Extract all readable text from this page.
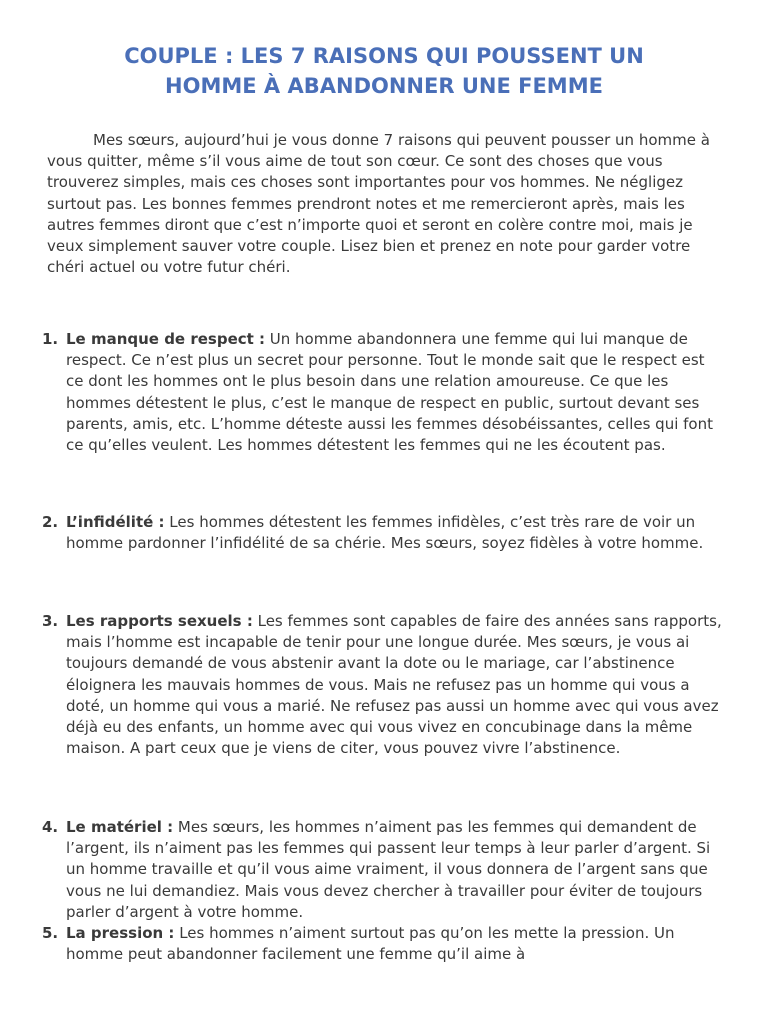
COUPLE : LES 7 RAISONS QUI POUSSENT UN
HOMME À ABANDONNER UNE FEMME

Mes sœurs, aujourd’hui je vous donne 7 raisons qui peuvent pousser un homme à vous quitter, même s’il vous aime de tout son cœur. Ce sont des choses que vous trouverez simples, mais ces choses sont importantes pour vos hommes. Ne négligez surtout pas. Les bonnes femmes prendront notes et me remercieront après, mais les autres femmes diront que c’est n’importe quoi et seront en colère contre moi, mais je veux simplement sauver votre couple. Lisez bien et prenez en note pour garder votre chéri actuel ou votre futur chéri.

1. Le manque de respect : Un homme abandonnera une femme qui lui manque de respect. Ce n’est plus un secret pour personne. Tout le monde sait que le respect est ce dont les hommes ont le plus besoin dans une relation amoureuse. Ce que les hommes détestent le plus, c’est le manque de respect en public, surtout devant ses parents, amis, etc. L’homme déteste aussi les femmes désobéissantes, celles qui font ce qu’elles veulent. Les hommes détestent les femmes qui ne les écoutent pas.

2. L’infidélité : Les hommes détestent les femmes infidèles, c’est très rare de voir un homme pardonner l’infidélité de sa chérie. Mes sœurs, soyez fidèles à votre homme.

3. Les rapports sexuels : Les femmes sont capables de faire des années sans rapports, mais l’homme est incapable de tenir pour une longue durée. Mes sœurs, je vous ai toujours demandé de vous abstenir avant la dote ou le mariage, car l’abstinence éloignera les mauvais hommes de vous. Mais ne refusez pas un homme qui vous a doté, un homme qui vous a marié. Ne refusez pas aussi un homme avec qui vous avez déjà eu des enfants, un homme avec qui vous vivez en concubinage dans la même maison. A part ceux que je viens de citer, vous pouvez vivre l’abstinence.

4. Le matériel : Mes sœurs, les hommes n’aiment pas les femmes qui demandent de l’argent, ils n’aiment pas les femmes qui passent leur temps à leur parler d’argent. Si un homme travaille et qu’il vous aime vraiment, il vous donnera de l’argent sans que vous ne lui demandiez. Mais vous devez chercher à travailler pour éviter de toujours parler d’argent à votre homme.

5. La pression : Les hommes n’aiment surtout pas qu’on les mette la pression. Un homme peut abandonner facilement une femme qu’il aime à
